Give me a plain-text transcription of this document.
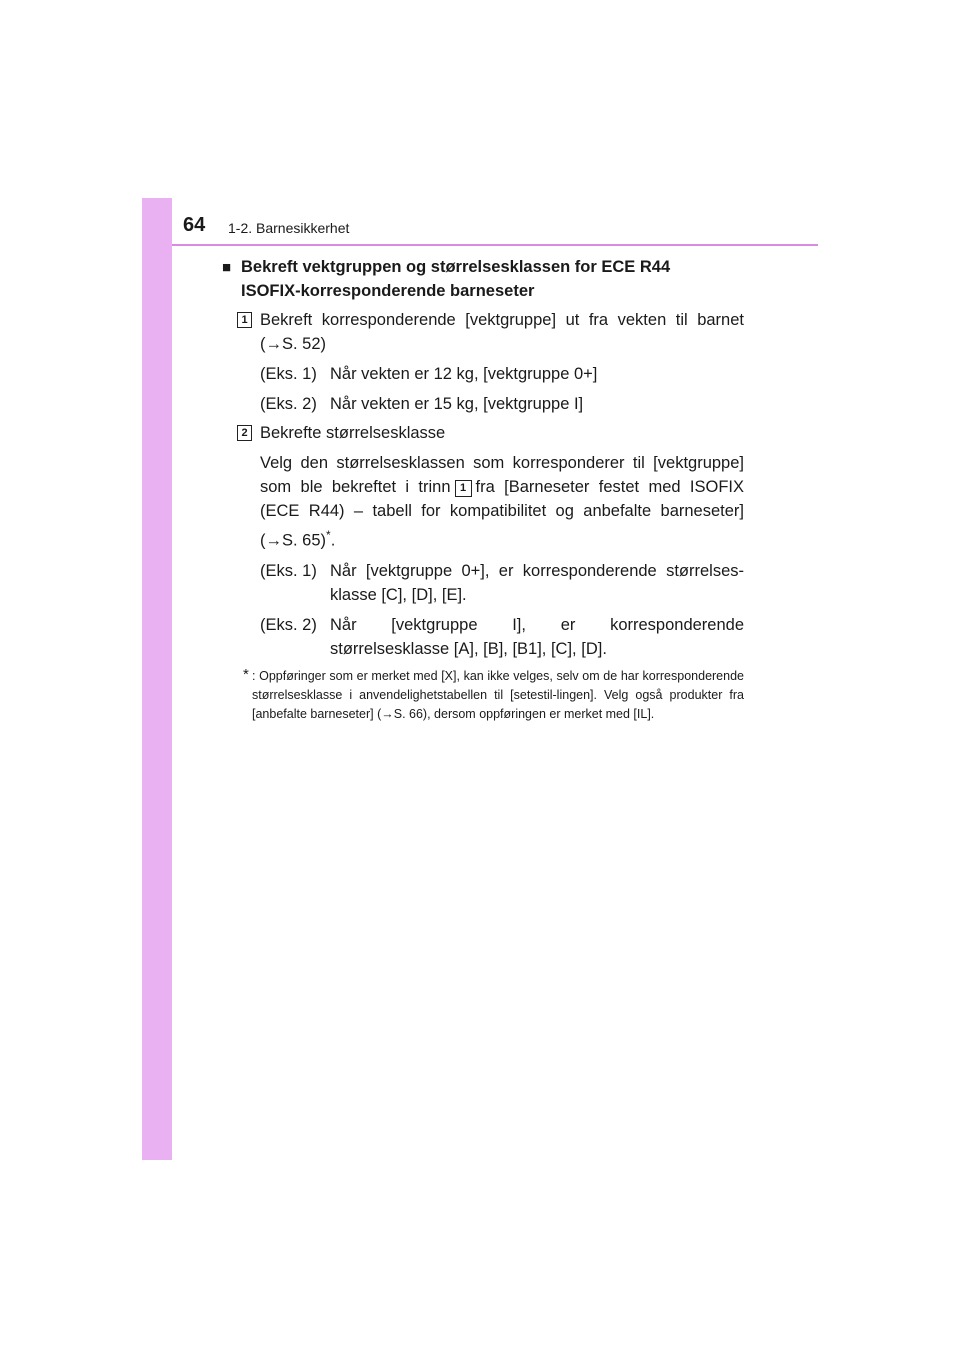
64 1-2. Barnesikkerhet
■ Bekreft vektgruppen og størrelsesklassen for ECE R44
ISOFIX-korresponderende barneseter
1 Bekreft korresponderende [vektgruppe] ut fra vekten til barnet (→S. 52)
(Eks. 1) Når vekten er 12 kg, [vektgruppe 0+]
(Eks. 2) Når vekten er 15 kg, [vektgruppe I]
2 Bekrefte størrelsesklasse
Velg den størrelsesklassen som korresponderer til [vektgruppe] som ble bekreftet i trinn 1 fra [Barneseter festet med ISOFIX (ECE R44) – tabell for kompatibilitet og anbefalte barneseter] (→S. 65)*.
(Eks. 1) Når [vektgruppe 0+], er korresponderende størrelses-klasse [C], [D], [E].
(Eks. 2) Når [vektgruppe I], er korresponderende størrelsesklasse [A], [B], [B1], [C], [D].
* : Oppføringer som er merket med [X], kan ikke velges, selv om de har korresponderende størrelsesklasse i anvendelighetstabellen til [setestil-lingen]. Velg også produkter fra [anbefalte barneseter] (→S. 66), dersom oppføringen er merket med [IL].
